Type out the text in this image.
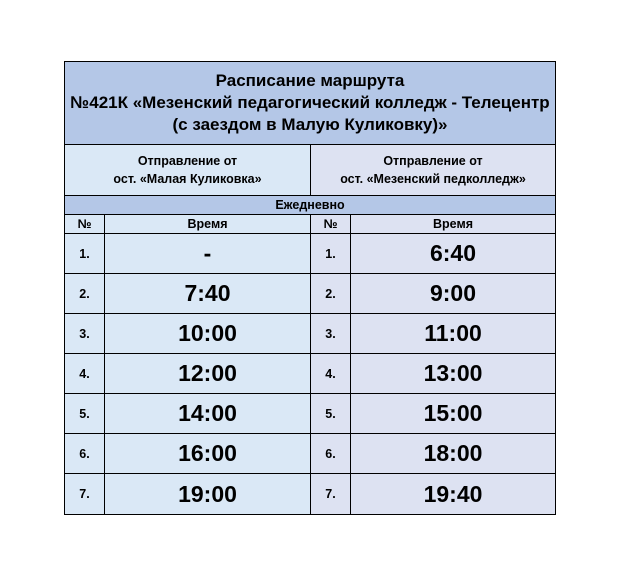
Расписание маршрута
№421К «Мезенский педагогический колледж - Телецентр
(с заездом в Малую Куликовку)»
Отправление от
ост. «Малая Куликовка»
Отправление от
ост. «Мезенский педколледж»
Ежедневно
№	Время	№	Время
1.	-	1.	6:40
2.	7:40	2.	9:00
3.	10:00	3.	11:00
4.	12:00	4.	13:00
5.	14:00	5.	15:00
6.	16:00	6.	18:00
7.	19:00	7.	19:40
